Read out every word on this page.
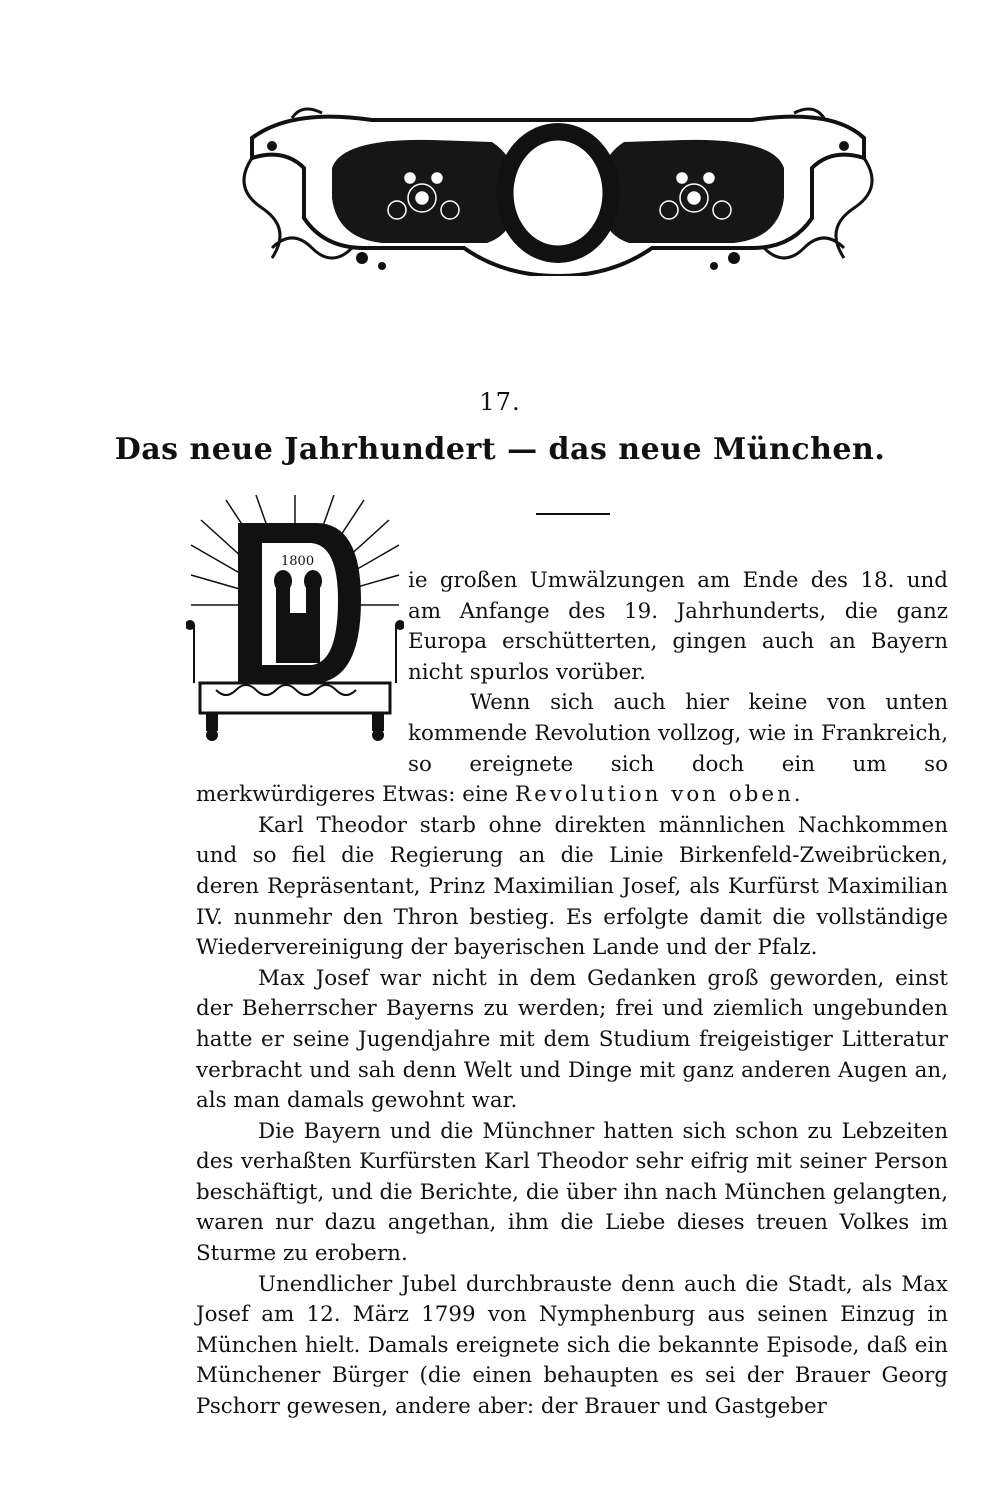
17.
Das neue Jahrhundert — das neue München.
1800

ie großen Umwälzungen am Ende des 18. und am Anfange des 19. Jahrhunderts, die ganz Europa erschütterten, gingen auch an Bayern nicht spurlos vorüber.

Wenn sich auch hier keine von unten kommende Revolution vollzog, wie in Frankreich, so ereignete sich doch ein um so merkwürdigeres Etwas: eine Revolution von oben.

Karl Theodor starb ohne direkten männlichen Nachkommen und so fiel die Regierung an die Linie Birkenfeld-Zweibrücken, deren Repräsentant, Prinz Maximilian Josef, als Kurfürst Maximilian IV. nunmehr den Thron bestieg. Es erfolgte damit die vollständige Wiedervereinigung der bayerischen Lande und der Pfalz.

Max Josef war nicht in dem Gedanken groß geworden, einst der Beherrscher Bayerns zu werden; frei und ziemlich ungebunden hatte er seine Jugendjahre mit dem Studium freigeistiger Litteratur verbracht und sah denn Welt und Dinge mit ganz anderen Augen an, als man damals gewohnt war.

Die Bayern und die Münchner hatten sich schon zu Lebzeiten des verhaßten Kurfürsten Karl Theodor sehr eifrig mit seiner Person beschäftigt, und die Berichte, die über ihn nach München gelangten, waren nur dazu angethan, ihm die Liebe dieses treuen Volkes im Sturme zu erobern.

Unendlicher Jubel durchbrauste denn auch die Stadt, als Max Josef am 12. März 1799 von Nymphenburg aus seinen Einzug in München hielt. Damals ereignete sich die bekannte Episode, daß ein Münchener Bürger (die einen behaupten es sei der Brauer Georg Pschorr gewesen, andere aber: der Brauer und Gastgeber
